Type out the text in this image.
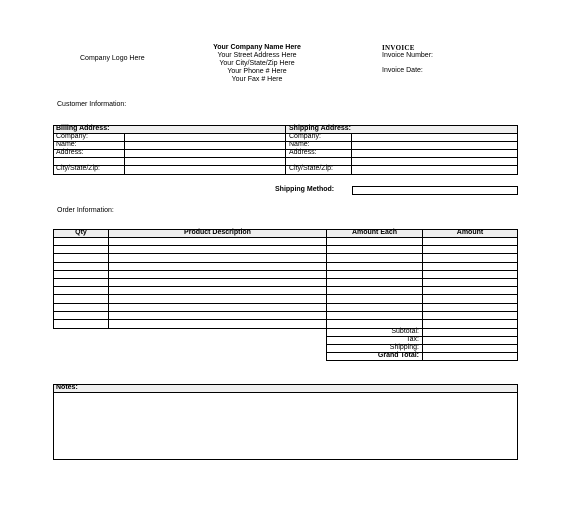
Company Logo Here
Your Company Name Here
Your Street Address Here
Your City/State/Zip Here
Your Phone # Here
Your Fax # Here
INVOICE
Invoice Number:
Invoice Date:
Customer Information:
Billing Address:
Company:
Name:
Address:
City/State/Zip:
Shipping Address:
Company:
Name:
Address:
City/State/Zip:
Shipping Method:
Order Information:
Qty	Product Description	Amount Each	Amount
Subtotal:
Tax:
Shipping:
Grand Total:
Notes:
